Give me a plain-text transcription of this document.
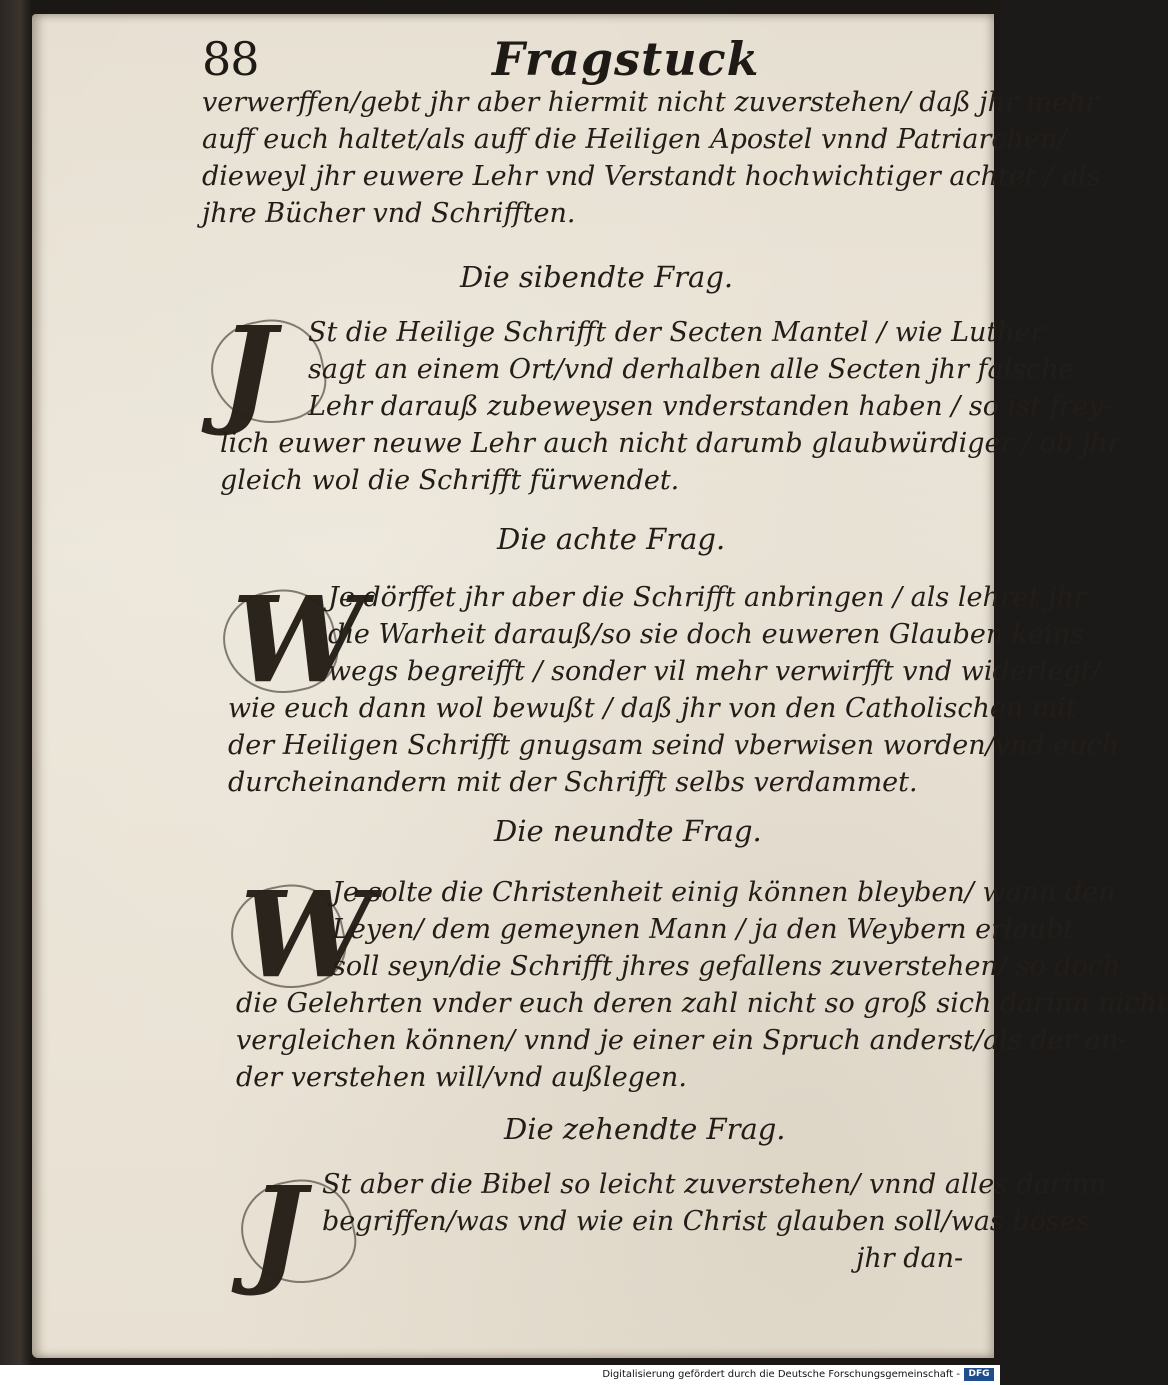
88	Fragstuck
verwerffen/gebt jhr aber hiermit nicht zuverstehen/ daß jhr mehr
auff euch haltet/als auff die Heiligen Apostel vnnd Patriarchen/
dieweyl jhr euwere Lehr vnd Verstandt hochwichtiger achtet / als
jhre Bücher vnd Schrifften.
Die sibendte Frag.
J	St die Heilige Schrifft der Secten Mantel / wie Luther
sagt an einem Ort/vnd derhalben alle Secten jhr falsche
Lehr darauß zubeweysen vnderstanden haben / so ist frey-
lich euwer neuwe Lehr auch nicht darumb glaubwürdiger / ob jhr
gleich wol die Schrifft fürwendet.
Die achte Frag.
W
Je dörffet jhr aber die Schrifft anbringen / als lehret jhr
die Warheit darauß/so sie doch euweren Glauben keins
wegs begreifft / sonder vil mehr verwirfft vnd widerlegt/
wie euch dann wol bewußt / daß jhr von den Catholischen mit
der Heiligen Schrifft gnugsam seind vberwisen worden/vnd euch
durcheinandern mit der Schrifft selbs verdammet.
Die neundte Frag.
W
Je solte die Christenheit einig können bleyben/ wann den
Leyen/ dem gemeynen Mann / ja den Weybern erlaubt
soll seyn/die Schrifft jhres gefallens zuverstehen/ so doch
die Gelehrten vnder euch deren zahl nicht so groß sich darinn nicht
vergleichen können/ vnnd je einer ein Spruch anderst/als der an-
der verstehen will/vnd außlegen.
Die zehendte Frag.
J St aber die Bibel so leicht zuverstehen/ vnnd alles darinn
begriffen/was vnd wie ein Christ glauben soll/was böses
jhr dan-
Digitalisierung gefördert durch die Deutsche Forschungsgemeinschaft - DFG
